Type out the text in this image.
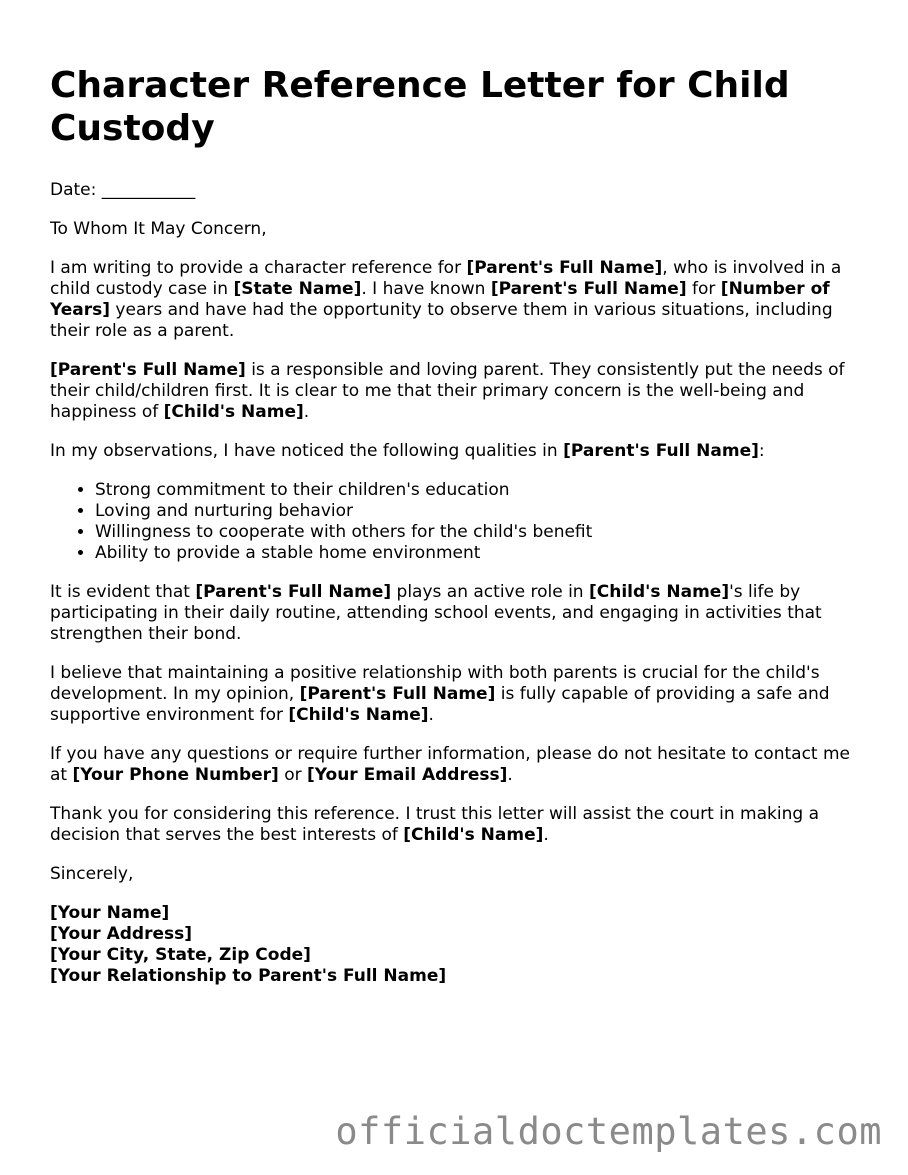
Character Reference Letter for Child Custody

Date: ___________

To Whom It May Concern,

I am writing to provide a character reference for [Parent's Full Name], who is involved in a child custody case in [State Name]. I have known [Parent's Full Name] for [Number of Years] years and have had the opportunity to observe them in various situations, including their role as a parent.

[Parent's Full Name] is a responsible and loving parent. They consistently put the needs of their child/children first. It is clear to me that their primary concern is the well-being and happiness of [Child's Name].

In my observations, I have noticed the following qualities in [Parent's Full Name]:

• Strong commitment to their children's education
• Loving and nurturing behavior
• Willingness to cooperate with others for the child's benefit
• Ability to provide a stable home environment

It is evident that [Parent's Full Name] plays an active role in [Child's Name]'s life by participating in their daily routine, attending school events, and engaging in activities that strengthen their bond.

I believe that maintaining a positive relationship with both parents is crucial for the child's development. In my opinion, [Parent's Full Name] is fully capable of providing a safe and supportive environment for [Child's Name].

If you have any questions or require further information, please do not hesitate to contact me at [Your Phone Number] or [Your Email Address].

Thank you for considering this reference. I trust this letter will assist the court in making a decision that serves the best interests of [Child's Name].

Sincerely,

[Your Name]
[Your Address]
[Your City, State, Zip Code]
[Your Relationship to Parent's Full Name]
officialdoctemplates.com
